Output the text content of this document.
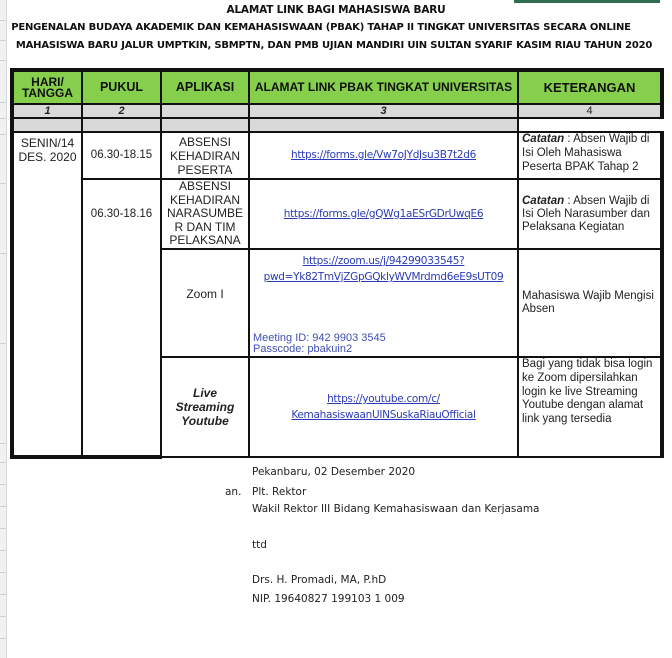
ALAMAT LINK BAGI MAHASISWA BARU
PENGENALAN BUDAYA AKADEMIK DAN KEMAHASISWAAN (PBAK) TAHAP II TINGKAT UNIVERSITAS SECARA ONLINE
MAHASISWA BARU JALUR UMPTKIN, SBMPTN, DAN PMB UJIAN MANDIRI UIN SULTAN SYARIF KASIM RIAU TAHUN 2020
HARI/ TANGGA	PUKUL	APLIKASI	ALAMAT LINK PBAK TINGKAT UNIVERSITAS	KETERANGAN
1	2		3	4

SENIN/14 DES. 2020	06.30-18.15	ABSENSI KEHADIRAN PESERTA	https://forms.gle/Vw7oJYdJsu3B7t2d6	Catatan : Absen Wajib di Isi Oleh Mahasiswa Peserta BPAK Tahap 2

	06.30-18.16	ABSENSI KEHADIRAN NARASUMBE R DAN TIM PELAKSANA	https://forms.gle/gQWg1aESrGDrUwqE6	Catatan : Absen Wajib di Isi Oleh Narasumber dan Pelaksana Kegiatan
		Zoom I	https://zoom.us/j/94299033545?
pwd=Yk82TmVjZGpGQklyWVMrdmd6eE9sUT09
Meeting ID: 942 9903 3545
Passcode: pbakuin2	Mahasiswa Wajib Mengisi Absen
		Live Streaming Youtube	https://youtube.com/c/
KemahasiswaanUINSuskaRiauOfficial	Bagi yang tidak bisa login ke Zoom dipersilahkan login ke live Streaming Youtube dengan alamat link yang tersedia
Pekanbaru, 02 Desember 2020
an. Plt. Rektor
Wakil Rektor III Bidang Kemahasiswaan dan Kerjasama
ttd
Drs. H. Promadi, MA, P.hD
NIP. 19640827 199103 1 009
